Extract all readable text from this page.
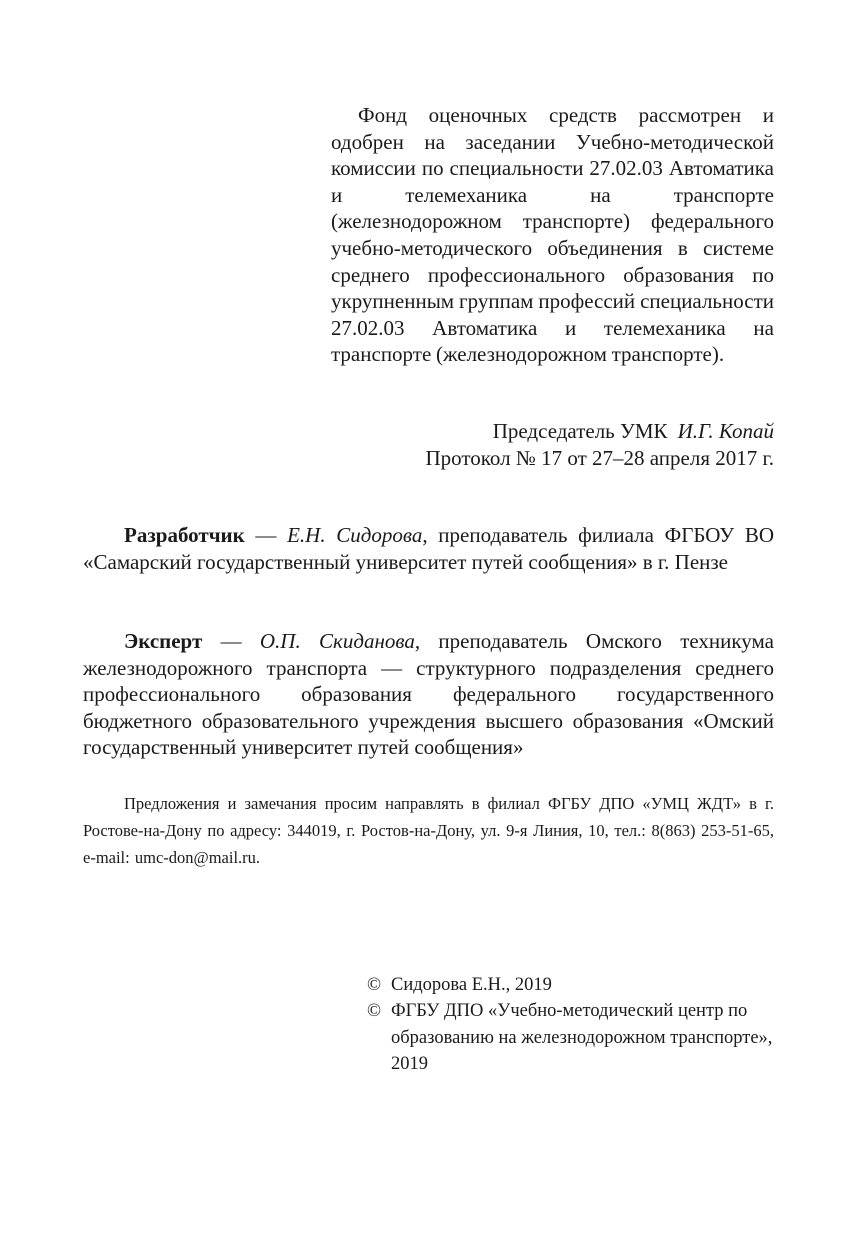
Фонд оценочных средств рассмотрен и одобрен на заседании Учебно-методической комиссии по специальности 27.02.03 Автоматика и телемеханика на транспорте (железнодорожном транспорте) федерального учебно-методического объединения в системе среднего профессионального образования по укрупненным группам профессий специальности 27.02.03 Автоматика и телемеханика на транспорте (железнодорожном транспорте).

Председатель УМК И.Г. Копай
Протокол № 17 от 27–28 апреля 2017 г.
Разработчик — Е.Н. Сидорова, преподаватель филиала ФГБОУ ВО «Самарский государственный университет путей сообщения» в г. Пензе
Эксперт — О.П. Скиданова, преподаватель Омского техникума железнодорожного транспорта — структурного подразделения среднего профессионального образования федерального государственного бюджетного образовательного учреждения высшего образования «Омский государственный университет путей сообщения»
Предложения и замечания просим направлять в филиал ФГБУ ДПО «УМЦ ЖДТ» в г. Ростове-на-Дону по адресу: 344019, г. Ростов-на-Дону, ул. 9-я Линия, 10, тел.: 8(863) 253-51-65, e-mail: umc-don@mail.ru.
© Сидорова Е.Н., 2019
© ФГБУ ДПО «Учебно-методический центр по образованию на железнодорожном транспорте», 2019
